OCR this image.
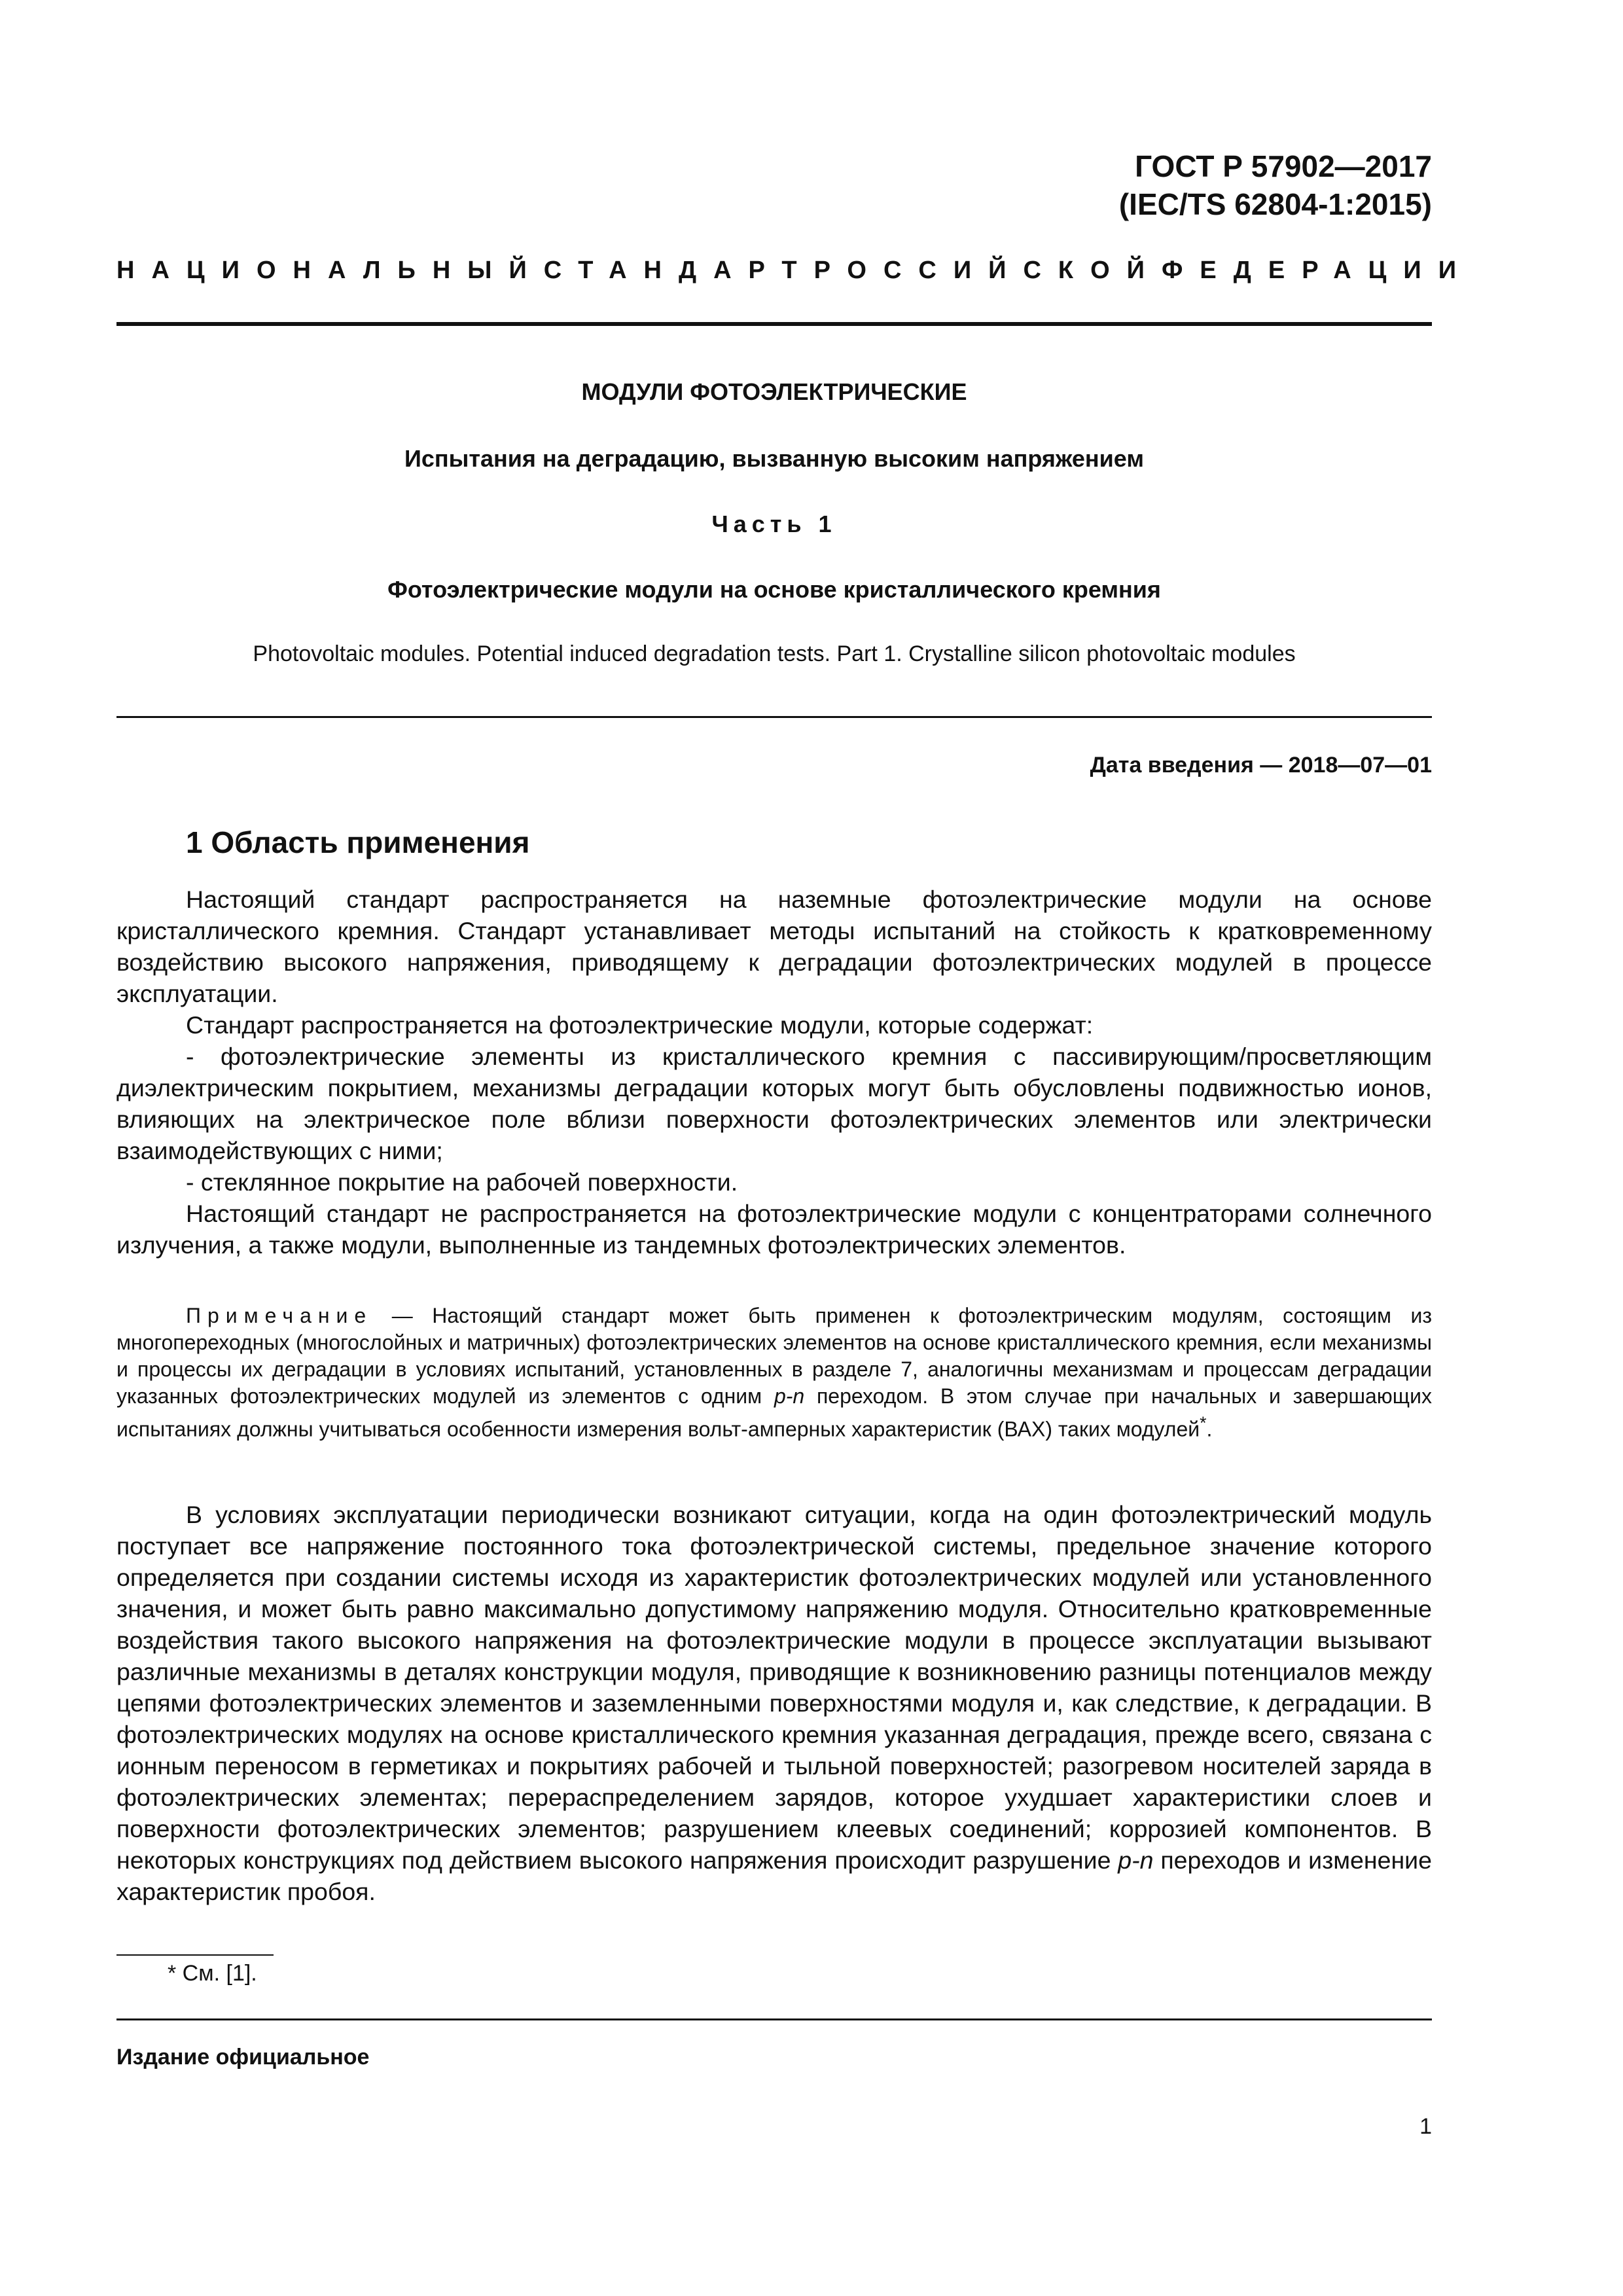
ГОСТ Р 57902—2017
(IEC/TS 62804-1:2015)
НАЦИОНАЛЬНЫЙ СТАНДАРТ РОССИЙСКОЙ ФЕДЕРАЦИИ
МОДУЛИ ФОТОЭЛЕКТРИЧЕСКИЕ
Испытания на деградацию, вызванную высоким напряжением
Часть 1
Фотоэлектрические модули на основе кристаллического кремния
Photovoltaic modules. Potential induced degradation tests. Part 1. Crystalline silicon photovoltaic modules
Дата введения — 2018—07—01
1 Область применения

Настоящий стандарт распространяется на наземные фотоэлектрические модули на основе кристаллического кремния. Стандарт устанавливает методы испытаний на стойкость к кратковременному воздействию высокого напряжения, приводящему к деградации фотоэлектрических модулей в процессе эксплуатации.

Стандарт распространяется на фотоэлектрические модули, которые содержат:

- фотоэлектрические элементы из кристаллического кремния с пассивирующим/просветляющим диэлектрическим покрытием, механизмы деградации которых могут быть обусловлены подвижностью ионов, влияющих на электрическое поле вблизи поверхности фотоэлектрических элементов или электрически взаимодействующих с ними;

- стеклянное покрытие на рабочей поверхности.

Настоящий стандарт не распространяется на фотоэлектрические модули с концентраторами солнечного излучения, а также модули, выполненные из тандемных фотоэлектрических элементов.

Примечание — Настоящий стандарт может быть применен к фотоэлектрическим модулям, состоящим из многопереходных (многослойных и матричных) фотоэлектрических элементов на основе кристаллического кремния, если механизмы и процессы их деградации в условиях испытаний, установленных в разделе 7, аналогичны механизмам и процессам деградации указанных фотоэлектрических модулей из элементов с одним p-n переходом. В этом случае при начальных и завершающих испытаниях должны учитываться особенности измерения вольт-амперных характеристик (ВАХ) таких модулей*.

В условиях эксплуатации периодически возникают ситуации, когда на один фотоэлектрический модуль поступает все напряжение постоянного тока фотоэлектрической системы, предельное значение которого определяется при создании системы исходя из характеристик фотоэлектрических модулей или установленного значения, и может быть равно максимально допустимому напряжению модуля. Относительно кратковременные воздействия такого высокого напряжения на фотоэлектрические модули в процессе эксплуатации вызывают различные механизмы в деталях конструкции модуля, приводящие к возникновению разницы потенциалов между цепями фотоэлектрических элементов и заземленными поверхностями модуля и, как следствие, к деградации. В фотоэлектрических модулях на основе кристаллического кремния указанная деградация, прежде всего, связана с ионным переносом в герметиках и покрытиях рабочей и тыльной поверхностей; разогревом носителей заряда в фотоэлектрических элементах; перераспределением зарядов, которое ухудшает характеристики слоев и поверхности фотоэлектрических элементов; разрушением клеевых соединений; коррозией компонентов. В некоторых конструкциях под действием высокого напряжения происходит разрушение p-n переходов и изменение характеристик пробоя.

* См. [1].
Издание официальное
1
